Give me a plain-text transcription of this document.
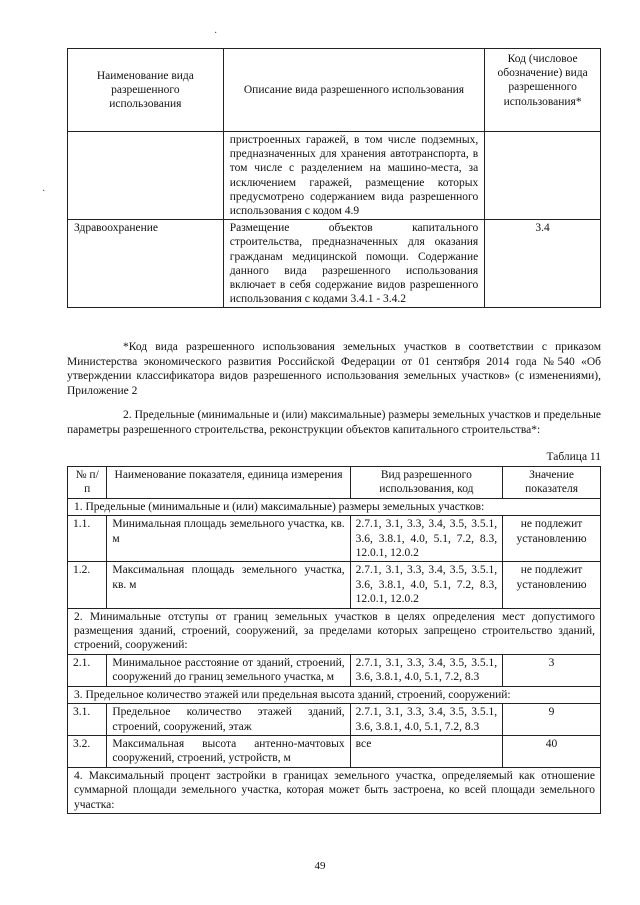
Наименование вида разрешенного использования	Описание вида разрешенного использования	Код (числовое обозначение) вида разрешенного использования*
	пристроенных гаражей, в том числе подземных, предназначенных для хранения автотранспорта, в том числе с разделением на машино-места, за исключением гаражей, размещение которых предусмотрено содержанием вида разрешенного использования с кодом 4.9	
Здравоохранение	Размещение объектов капитального строительства, предназначенных для оказания гражданам медицинской помощи. Содержание данного вида разрешенного использования включает в себя содержание видов разрешенного использования с кодами 3.4.1 - 3.4.2	3.4
*Код вида разрешенного использования земельных участков в соответствии с приказом Министерства экономического развития Российской Федерации от 01 сентября 2014 года №540 «Об утверждении классификатора видов разрешенного использования земельных участков» (с изменениями), Приложение 2
2. Предельные (минимальные и (или) максимальные) размеры земельных участков и предельные параметры разрешенного строительства, реконструкции объектов капитального строительства*:
Таблица 11
№ п/п	Наименование показателя, единица измерения	Вид разрешенного использования, код	Значение показателя
1. Предельные (минимальные и (или) максимальные) размеры земельных участков:			
1.1.	Минимальная площадь земельного участка, кв. м	2.7.1, 3.1, 3.3, 3.4, 3.5, 3.5.1, 3.6, 3.8.1, 4.0, 5.1, 7.2, 8.3, 12.0.1, 12.0.2	не подлежит установлению
1.2.	Максимальная площадь земельного участка, кв. м	2.7.1, 3.1, 3.3, 3.4, 3.5, 3.5.1, 3.6, 3.8.1, 4.0, 5.1, 7.2, 8.3, 12.0.1, 12.0.2	не подлежит установлению
2. Минимальные отступы от границ земельных участков в целях определения мест допустимого размещения зданий, строений, сооружений, за пределами которых запрещено строительство зданий, строений, сооружений:			
2.1.	Минимальное расстояние от зданий, строений, сооружений до границ земельного участка, м	2.7.1, 3.1, 3.3, 3.4, 3.5, 3.5.1, 3.6, 3.8.1, 4.0, 5.1, 7.2, 8.3	3
3. Предельное количество этажей или предельная высота зданий, строений, сооружений:			
3.1.	Предельное количество этажей зданий, строений, сооружений, этаж	2.7.1, 3.1, 3.3, 3.4, 3.5, 3.5.1, 3.6, 3.8.1, 4.0, 5.1, 7.2, 8.3	9
3.2.	Максимальная высота антенно-мачтовых сооружений, строений, устройств, м	все	40
4. Максимальный процент застройки в границах земельного участка, определяемый как отношение суммарной площади земельного участка, которая может быть застроена, ко всей площади земельного участка:			
49
·
·
